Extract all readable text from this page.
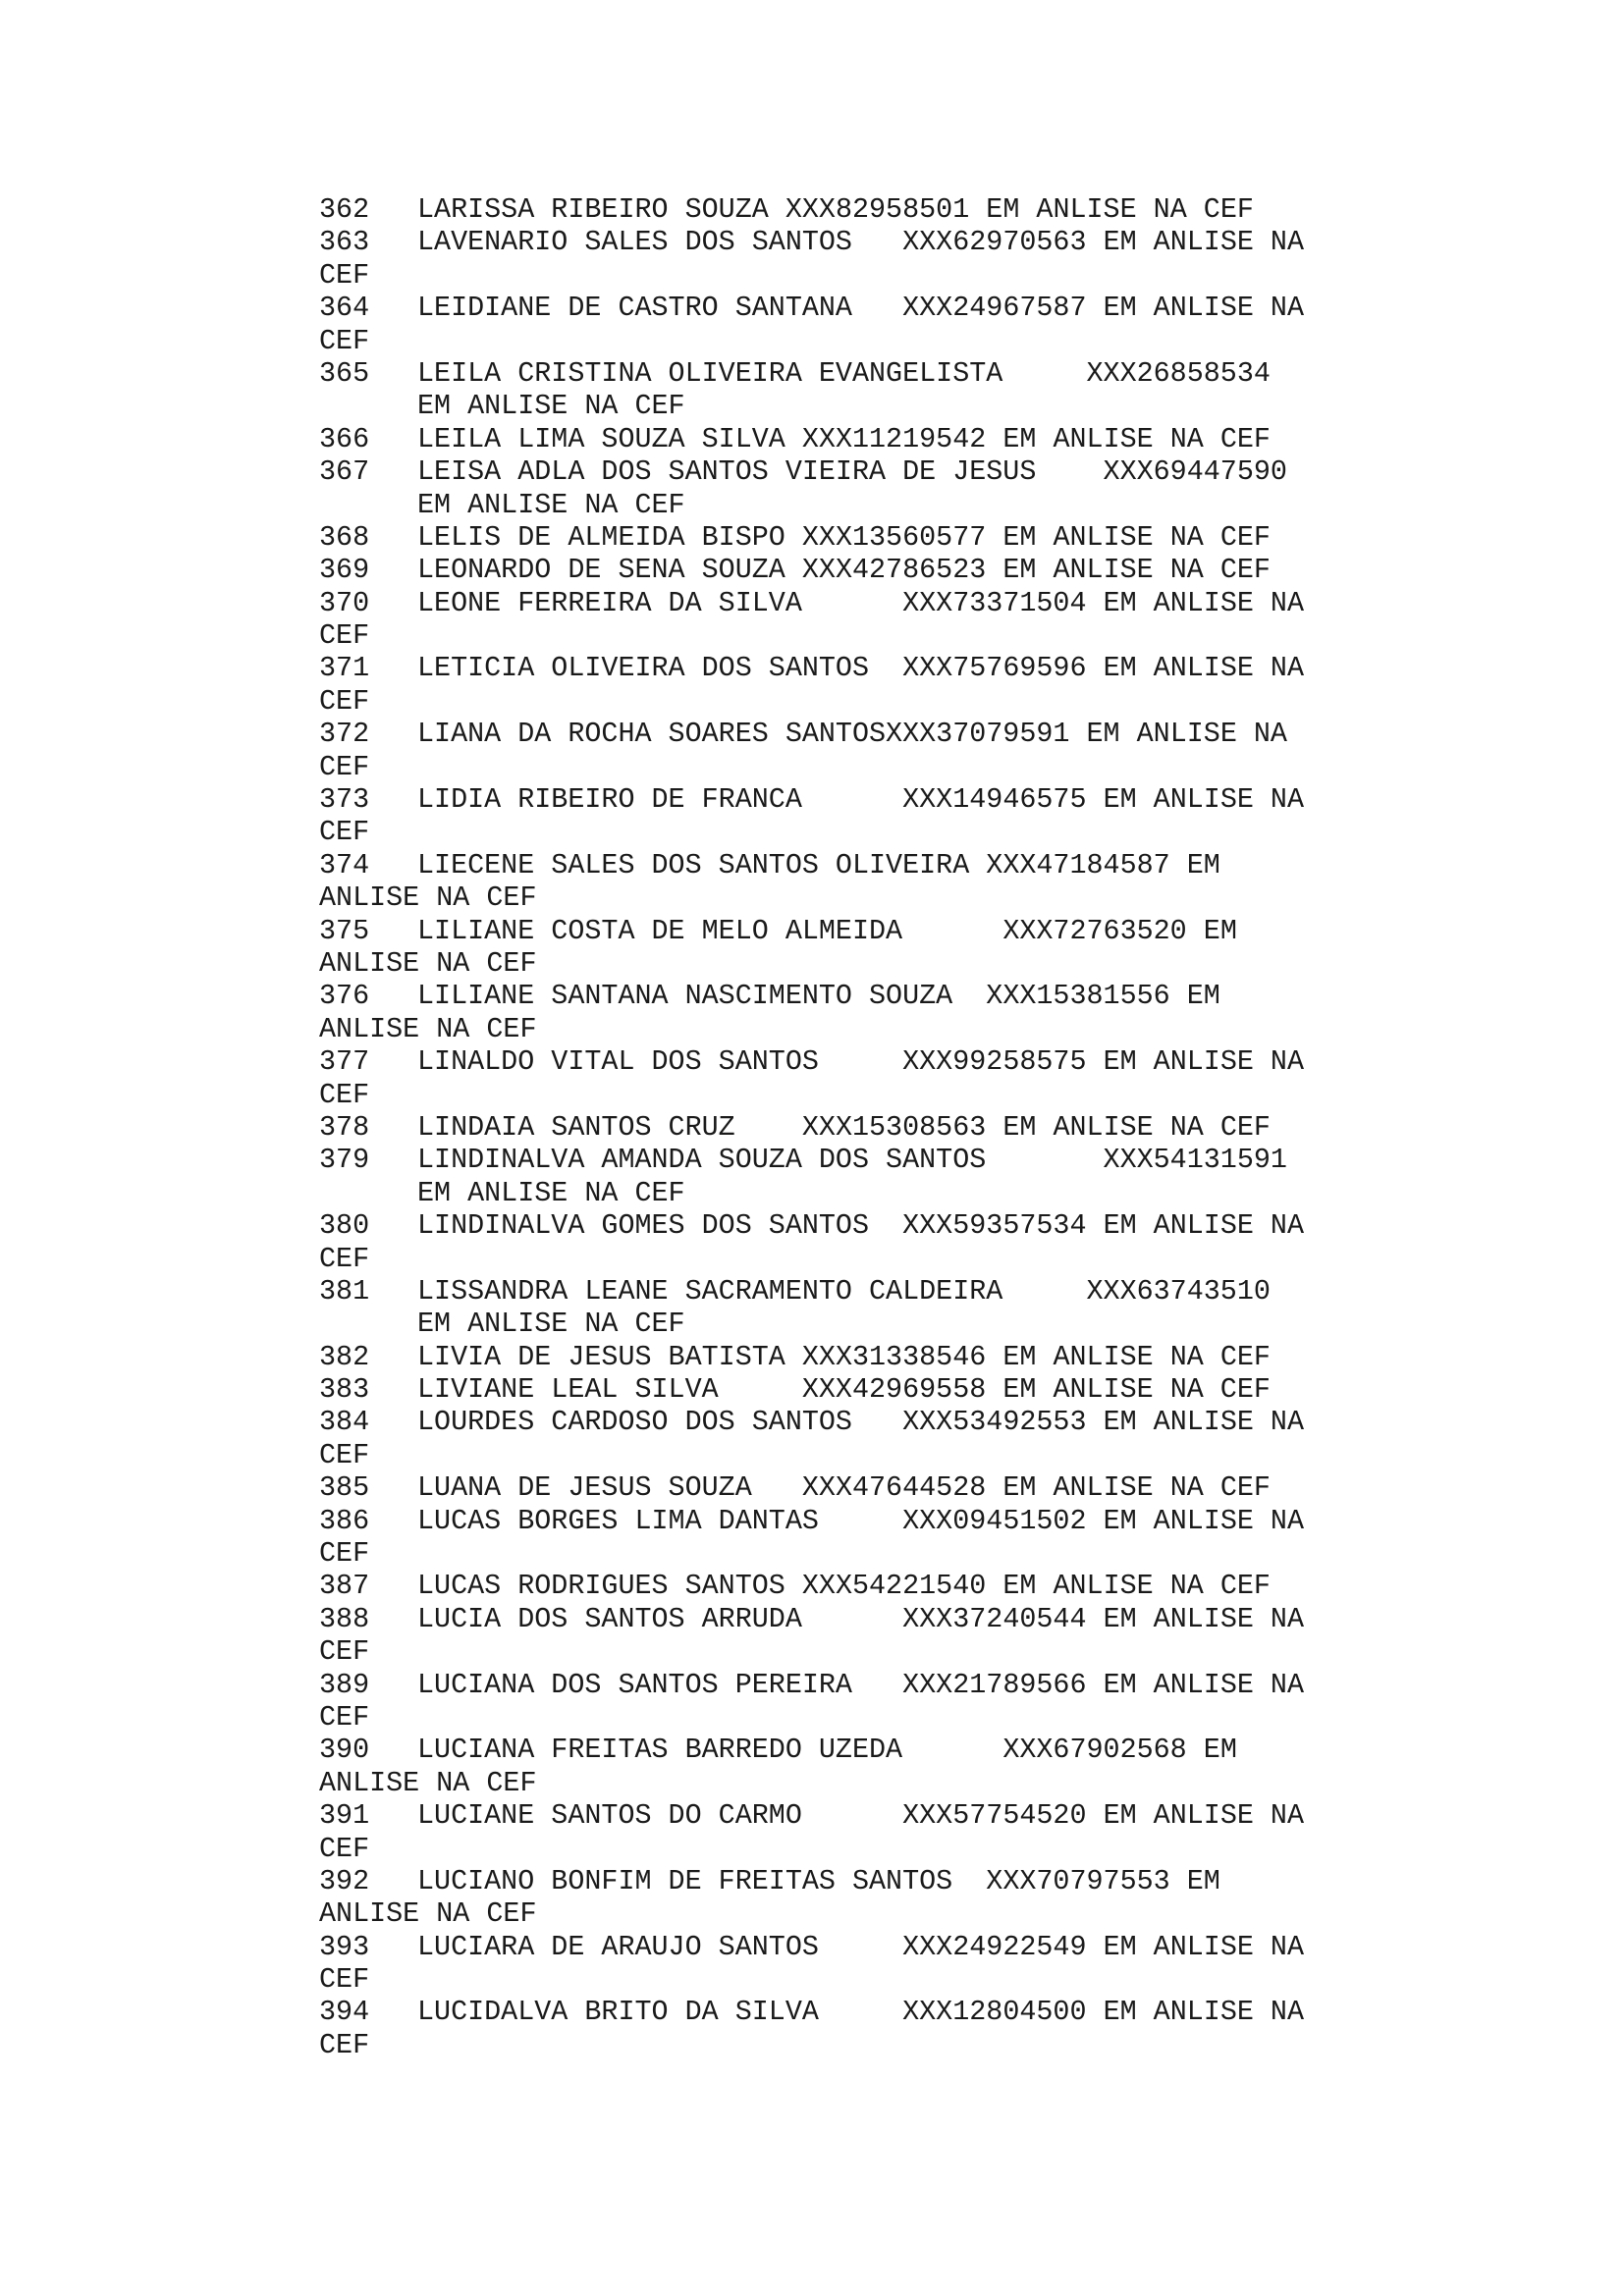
362 LARISSA RIBEIRO SOUZA XXX82958501 EM ANLISE NA CEF
363 LAVENARIO SALES DOS SANTOS XXX62970563 EM ANLISE NA
CEF
364 LEIDIANE DE CASTRO SANTANA XXX24967587 EM ANLISE NA
CEF
365 LEILA CRISTINA OLIVEIRA EVANGELISTA	XXX26858534
EM ANLISE NA CEF
366 LEILA LIMA SOUZA SILVA XXX11219542 EM ANLISE NA CEF
367 LEISA ADLA DOS SANTOS VIEIRA DE JESUS XXX69447590
EM ANLISE NA CEF
368 LELIS DE ALMEIDA BISPO XXX13560577 EM ANLISE NA CEF
369 LEONARDO DE SENA SOUZA XXX42786523 EM ANLISE NA CEF
370 LEONE FERREIRA DA SILVA	XXX73371504 EM ANLISE NA
CEF
371 LETICIA OLIVEIRA DOS SANTOS XXX75769596 EM ANLISE NA
CEF
372 LIANA DA ROCHA SOARES SANTOSXXX37079591 EM ANLISE NA
CEF
373 LIDIA RIBEIRO DE FRANCA	XXX14946575 EM ANLISE NA
CEF
374 LIECENE SALES DOS SANTOS OLIVEIRA XXX47184587 EM
ANLISE NA CEF
375 LILIANE COSTA DE MELO ALMEIDA	XXX72763520 EM
ANLISE NA CEF
376 LILIANE SANTANA NASCIMENTO SOUZA XXX15381556 EM
ANLISE NA CEF
377 LINALDO VITAL DOS SANTOS	XXX99258575 EM ANLISE NA
CEF
378 LINDAIA SANTOS CRUZ XXX15308563 EM ANLISE NA CEF
379 LINDINALVA AMANDA SOUZA DOS SANTOS	XXX54131591
EM ANLISE NA CEF
380 LINDINALVA GOMES DOS SANTOS XXX59357534 EM ANLISE NA
CEF
381 LISSANDRA LEANE SACRAMENTO CALDEIRA	XXX63743510
EM ANLISE NA CEF
382 LIVIA DE JESUS BATISTA XXX31338546 EM ANLISE NA CEF
383 LIVIANE LEAL SILVA	XXX42969558 EM ANLISE NA CEF
384 LOURDES CARDOSO DOS SANTOS XXX53492553 EM ANLISE NA
CEF
385 LUANA DE JESUS SOUZA XXX47644528 EM ANLISE NA CEF
386 LUCAS BORGES LIMA DANTAS	XXX09451502 EM ANLISE NA
CEF
387 LUCAS RODRIGUES SANTOS XXX54221540 EM ANLISE NA CEF
388 LUCIA DOS SANTOS ARRUDA	XXX37240544 EM ANLISE NA
CEF
389 LUCIANA DOS SANTOS PEREIRA XXX21789566 EM ANLISE NA
CEF
390 LUCIANA FREITAS BARREDO UZEDA	XXX67902568 EM
ANLISE NA CEF
391 LUCIANE SANTOS DO CARMO	XXX57754520 EM ANLISE NA
CEF
392 LUCIANO BONFIM DE FREITAS SANTOS XXX70797553 EM
ANLISE NA CEF
393 LUCIARA DE ARAUJO SANTOS	XXX24922549 EM ANLISE NA
CEF
394 LUCIDALVA BRITO DA SILVA	XXX12804500 EM ANLISE NA
CEF
